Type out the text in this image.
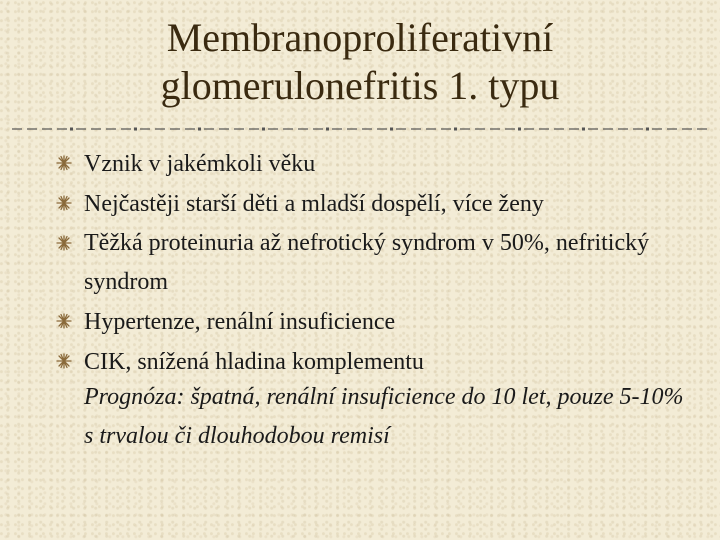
Membranoproliferativní
glomerulonefritis 1. typu
Vznik v jakémkoli věku
Nejčastěji starší děti a mladší dospělí, více ženy
Těžká proteinuria až nefrotický syndrom v 50%, nefritický syndrom
Hypertenze, renální insuficience
CIK, snížená hladina komplementu
Prognóza: špatná, renální insuficience do 10 let, pouze 5-10% s trvalou či dlouhodobou remisí
